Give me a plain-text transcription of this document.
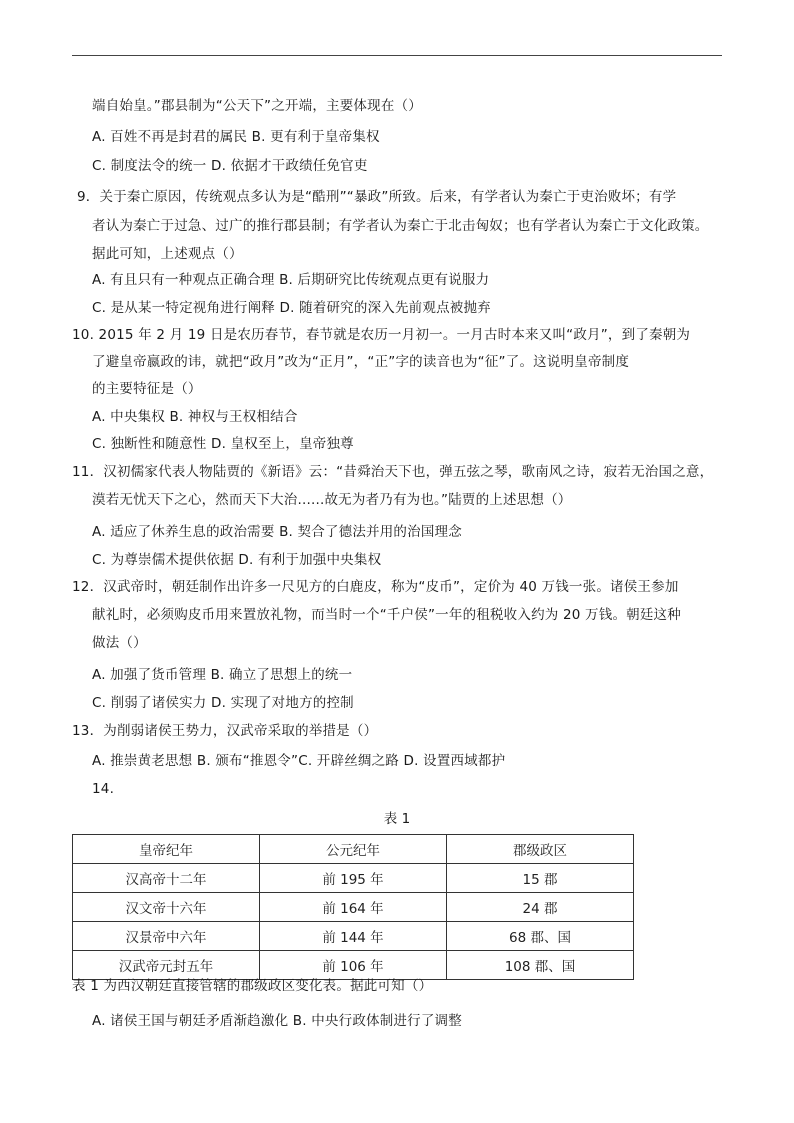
端自始皇。”郡县制为“公天下”之开端，主要体现在（）
A. 百姓不再是封君的属民 B. 更有利于皇帝集权
C. 制度法令的统一 D. 依据才干政绩任免官吏
9．关于秦亡原因，传统观点多认为是“酷刑”“暴政”所致。后来，有学者认为秦亡于吏治败坏；有学
者认为秦亡于过急、过广的推行郡县制；有学者认为秦亡于北击匈奴；也有学者认为秦亡于文化政策。
据此可知，上述观点（）
A. 有且只有一种观点正确合理 B. 后期研究比传统观点更有说服力
C. 是从某一特定视角进行阐释 D. 随着研究的深入先前观点被抛弃
10. 2015 年 2 月 19 日是农历春节，春节就是农历一月初一。一月古时本来又叫“政月”，到了秦朝为
了避皇帝嬴政的讳，就把“政月”改为“正月”，“正”字的读音也为“征”了。这说明皇帝制度
的主要特征是（）
A. 中央集权 B. 神权与王权相结合
C. 独断性和随意性 D. 皇权至上，皇帝独尊
11．汉初儒家代表人物陆贾的《新语》云：“昔舜治天下也，弹五弦之琴，歌南风之诗，寂若无治国之意，
漠若无忧天下之心，然而天下大治......故无为者乃有为也。”陆贾的上述思想（）
A. 适应了休养生息的政治需要 B. 契合了德法并用的治国理念
C. 为尊崇儒术提供依据 D. 有利于加强中央集权
12．汉武帝时，朝廷制作出许多一尺见方的白鹿皮，称为“皮币”，定价为 40 万钱一张。诸侯王参加
献礼时，必须购皮币用来置放礼物，而当时一个“千户侯”一年的租税收入约为 20 万钱。朝廷这种
做法（）
A. 加强了货币管理 B. 确立了思想上的统一
C. 削弱了诸侯实力 D. 实现了对地方的控制
13．为削弱诸侯王势力，汉武帝采取的举措是（）
A. 推崇黄老思想 B. 颁布“推恩令”C. 开辟丝绸之路 D. 设置西域都护
14.
表 1
皇帝纪年	公元纪年	郡级政区
汉高帝十二年	前 195 年	15 郡
汉文帝十六年	前 164 年	24 郡
汉景帝中六年	前 144 年	68 郡、国
汉武帝元封五年	前 106 年	108 郡、国
表 1 为西汉朝廷直接管辖的郡级政区变化表。据此可知（）
A. 诸侯王国与朝廷矛盾渐趋激化 B. 中央行政体制进行了调整
